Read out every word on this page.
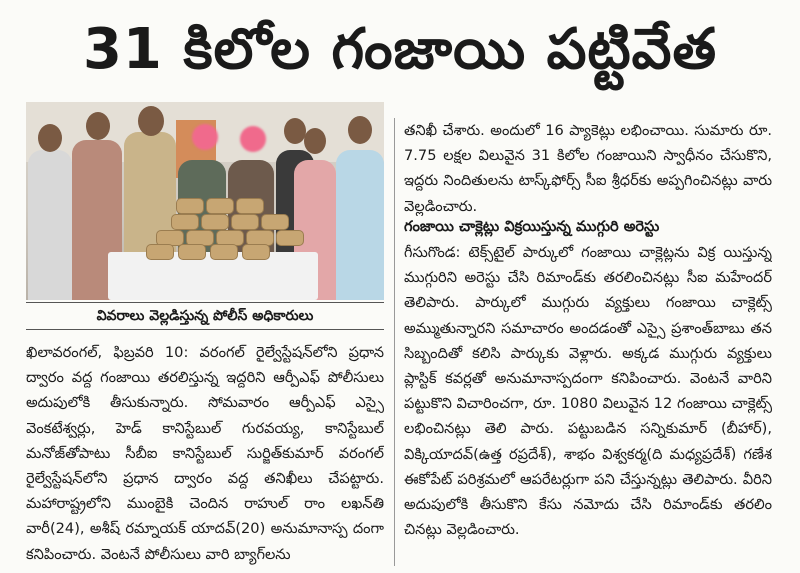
31 కిలోల గంజాయి పట్టివేత
వివరాలు వెల్లడిస్తున్న పోలీస్ అధికారులు

ఖిలావరంగల్, ఫిబ్రవరి 10: వరంగల్ రైల్వేస్టేషన్‌లోని ప్రధాన ద్వారం వద్ద గంజాయి తరలిస్తున్న ఇద్దరిని ఆర్పీఎఫ్ పోలీసులు అదుపులోకి తీసుకున్నారు. సోమవారం ఆర్పీఎఫ్ ఎస్సై వెంకటేశ్వర్లు, హెడ్ కానిస్టేబుల్ గురవయ్య, కానిస్టేబుల్ మనోజ్‌తోపాటు సీబీఐ కానిస్టేబుల్ సుర్జిత్‌కుమార్ వరంగల్ రైల్వేస్టేషన్‌లోని ప్రధాన ద్వారం వద్ద తనిఖీలు చేపట్టారు. మహారాష్ట్రలోని ముంబైకి చెందిన రాహుల్ రాం లఖన్‌తి వారీ(24), అశీష్ రమ్నాయక్ యాదవ్(20) అనుమానాస్ప దంగా కనిపించారు. వెంటనే పోలీసులు వారి బ్యాగ్‌లను

తనిఖీ చేశారు. అందులో 16 ప్యాకెట్లు లభించాయి. సుమారు రూ. 7.75 లక్షల విలువైన 31 కిలోల గంజాయిని స్వాధీనం చేసుకొని, ఇద్దరు నిందితులను టాస్క్‌ఫోర్స్ సీఐ శ్రీధర్‌కు అప్పగించినట్లు వారు వెల్లడించారు.

గంజాయి చాక్లెట్లు విక్రయిస్తున్న ముగ్గురి అరెస్టు

గీసుగొండ: టెక్స్‌టైల్ పార్కులో గంజాయి చాక్లెట్లను విక్ర యిస్తున్న ముగ్గురిని అరెస్టు చేసి రిమాండ్‌కు తరలించినట్లు సీఐ మహేందర్ తెలిపారు. పార్కులో ముగ్గురు వ్యక్తులు గంజాయి చాక్లెట్స్ అమ్ముతున్నారని సమాచారం అందడంతో ఎస్సై ప్రశాంత్‌బాబు తన సిబ్బందితో కలిసి పార్కుకు వెళ్లారు. అక్కడ ముగ్గురు వ్యక్తులు ప్లాస్టిక్ కవర్లతో అనుమానాస్పదంగా కనిపించారు. వెంటనే వారిని పట్టుకొని విచారించగా, రూ. 1080 విలువైన 12 గంజాయి చాక్లెట్స్ లభించినట్లు తెలి పారు. పట్టుబడిన సన్నికుమార్ (బీహార్), విక్కియాదవ్(ఉత్త రప్రదేశ్), శాభం విశ్వకర్మ(ది మధ్యప్రదేశ్) గణేశ ఈకోపేట్ పరిశ్రమలో ఆపరేటర్లుగా పని చేస్తున్నట్లు తెలిపారు. వీరిని అదుపులోకి తీసుకొని కేసు నమోదు చేసి రిమాండ్‌కు తరలిం చినట్లు వెల్లడించారు.
